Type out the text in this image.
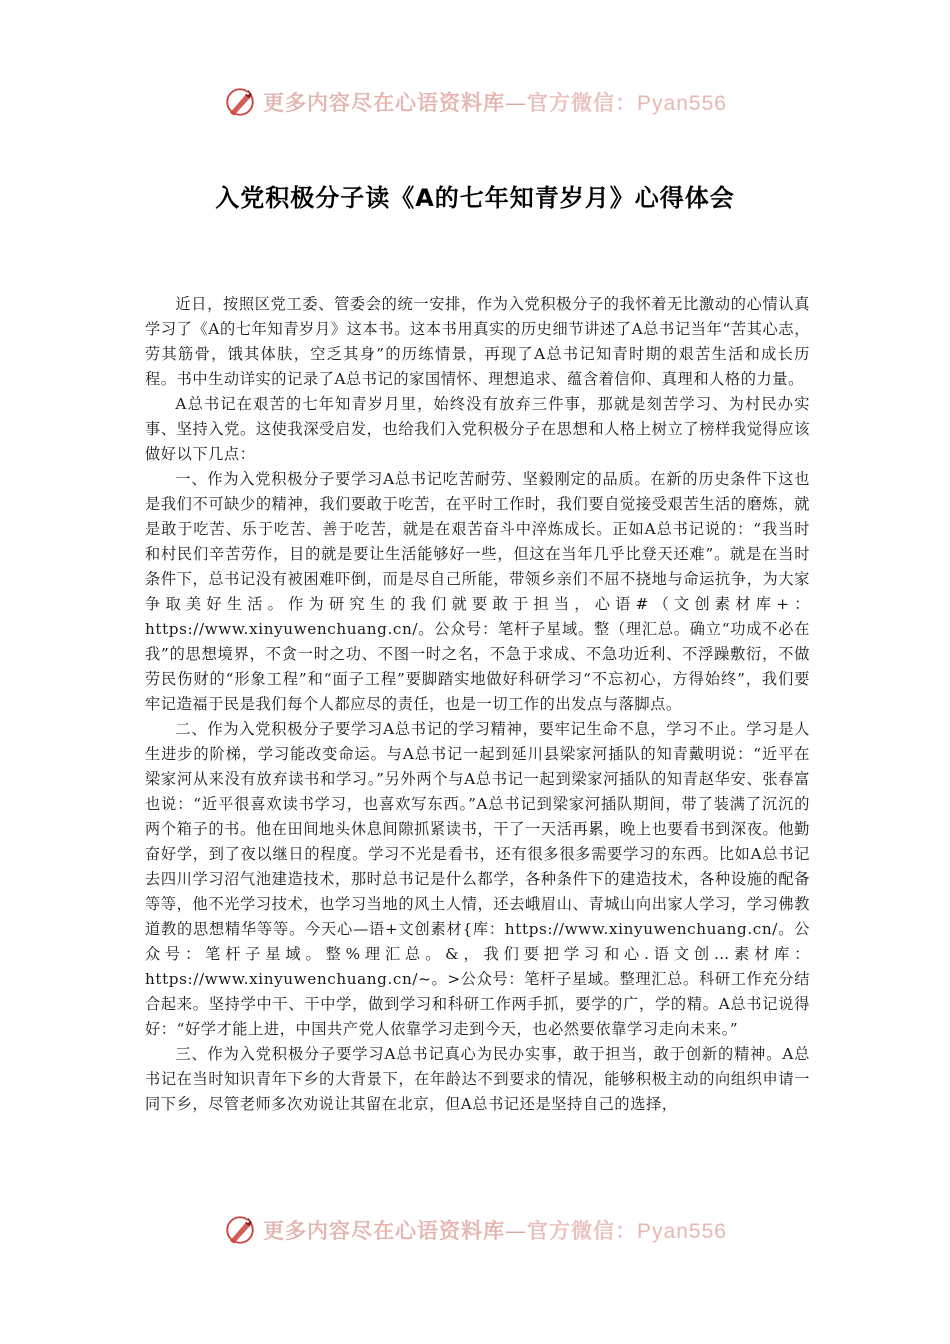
更多内容尽在心语资料库—官方微信：Pyan556
入党积极分子读《A的七年知青岁月》心得体会

近日，按照区党工委、管委会的统一安排，作为入党积极分子的我怀着无比激动的心情认真学习了《A的七年知青岁月》这本书。这本书用真实的历史细节讲述了A总书记当年“苦其心志，劳其筋骨，饿其体肤，空乏其身”的历练情景，再现了A总书记知青时期的艰苦生活和成长历程。书中生动详实的记录了A总书记的家国情怀、理想追求、蕴含着信仰、真理和人格的力量。

A总书记在艰苦的七年知青岁月里，始终没有放弃三件事，那就是刻苦学习、为村民办实事、坚持入党。这使我深受启发，也给我们入党积极分子在思想和人格上树立了榜样我觉得应该做好以下几点：

一、作为入党积极分子要学习A总书记吃苦耐劳、坚毅刚定的品质。在新的历史条件下这也是我们不可缺少的精神，我们要敢于吃苦，在平时工作时，我们要自觉接受艰苦生活的磨炼，就是敢于吃苦、乐于吃苦、善于吃苦，就是在艰苦奋斗中淬炼成长。正如A总书记说的：“我当时和村民们辛苦劳作，目的就是要让生活能够好一些，但这在当年几乎比登天还难”。就是在当时条件下，总书记没有被困难吓倒，而是尽自己所能，带领乡亲们不屈不挠地与命运抗争，为大家争取美好生活。作为研究生的我们就要敢于担当，心语#（文创素材库+：https://www.xinyuwenchuang.cn/。公众号：笔杆子星域。整（理汇总。确立“功成不必在我”的思想境界，不贪一时之功、不图一时之名，不急于求成、不急功近利、不浮躁敷衍，不做劳民伤财的“形象工程”和“面子工程”要脚踏实地做好科研学习“不忘初心，方得始终”，我们要牢记造福于民是我们每个人都应尽的责任，也是一切工作的出发点与落脚点。

二、作为入党积极分子要学习A总书记的学习精神，要牢记生命不息，学习不止。学习是人生进步的阶梯，学习能改变命运。与A总书记一起到延川县梁家河插队的知青戴明说：“近平在梁家河从来没有放弃读书和学习。”另外两个与A总书记一起到梁家河插队的知青赵华安、张春富也说：“近平很喜欢读书学习，也喜欢写东西。”A总书记到梁家河插队期间，带了装满了沉沉的两个箱子的书。他在田间地头休息间隙抓紧读书，干了一天活再累，晚上也要看书到深夜。他勤奋好学，到了夜以继日的程度。学习不光是看书，还有很多很多需要学习的东西。比如A总书记去四川学习沼气池建造技术，那时总书记是什么都学，各种条件下的建造技术，各种设施的配备等等，他不光学习技术，也学习当地的风土人情，还去峨眉山、青城山向出家人学习，学习佛教道教的思想精华等等。今天心—语+文创素材{库：https://www.xinyuwenchuang.cn/。公众号：笔杆子星域。整%理汇总。&，我们要把学习和心.语文创…素材库：https://www.xinyuwenchuang.cn/~。>公众号：笔杆子星域。整理汇总。科研工作充分结合起来。坚持学中干、干中学，做到学习和科研工作两手抓，要学的广，学的精。A总书记说得好：“好学才能上进，中国共产党人依靠学习走到今天，也必然要依靠学习走向未来。”

三、作为入党积极分子要学习A总书记真心为民办实事，敢于担当，敢于创新的精神。A总书记在当时知识青年下乡的大背景下，在年龄达不到要求的情况，能够积极主动的向组织申请一同下乡，尽管老师多次劝说让其留在北京，但A总书记还是坚持自己的选择，

更多内容尽在心语资料库—官方微信：Pyan556
